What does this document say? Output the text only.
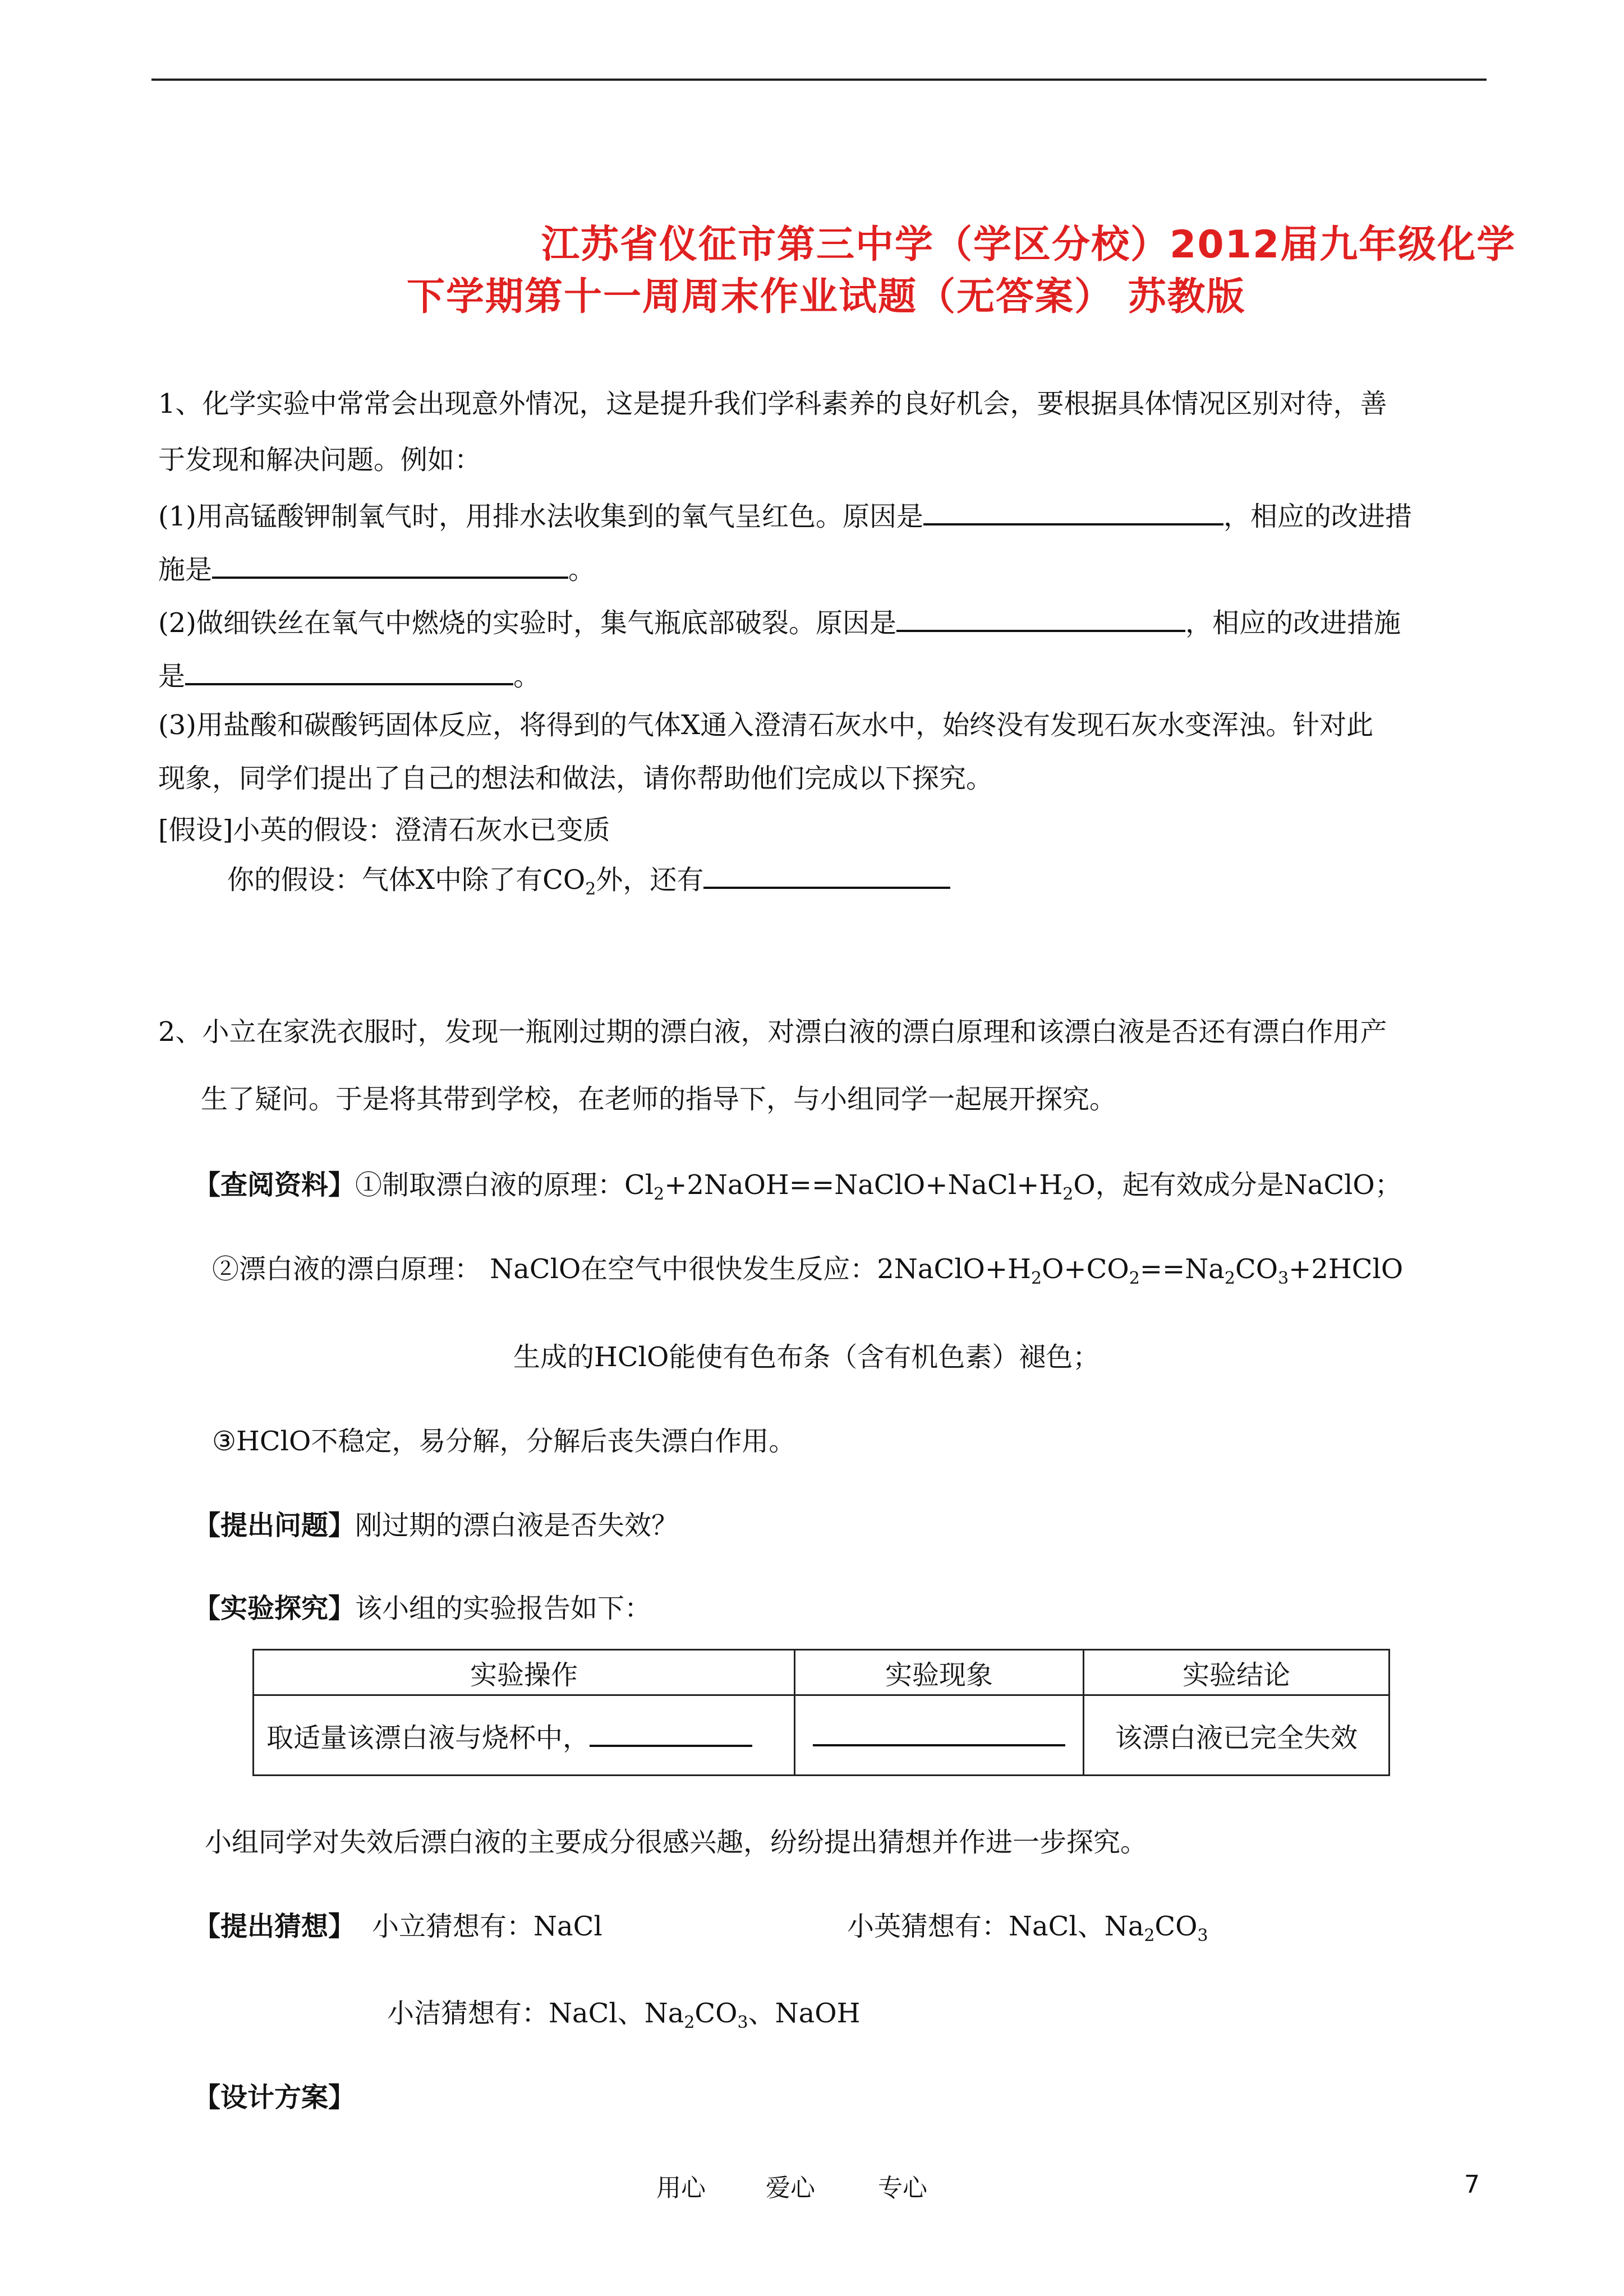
江苏省仪征市第三中学（学区分校）2012届九年级化学
下学期第十一周周末作业试题（无答案） 苏教版
1、化学实验中常常会出现意外情况，这是提升我们学科素养的良好机会，要根据具体情况区别对待，善
于发现和解决问题。例如：
(1)用高锰酸钾制氧气时，用排水法收集到的氧气呈红色。原因是	，相应的改进措
施是	。
(2)做细铁丝在氧气中燃烧的实验时，集气瓶底部破裂。原因是	，相应的改进措施
是	。
(3)用盐酸和碳酸钙固体反应，将得到的气体X通入澄清石灰水中，始终没有发现石灰水变浑浊。针对此
现象，同学们提出了自己的想法和做法，请你帮助他们完成以下探究。
[假设]小英的假设：澄清石灰水已变质
你的假设：气体X中除了有$CO_2$外，还有
2、小立在家洗衣服时，发现一瓶刚过期的漂白液，对漂白液的漂白原理和该漂白液是否还有漂白作用产
生了疑问。于是将其带到学校，在老师的指导下，与小组同学一起展开探究。
【查阅资料】①制取漂白液的原理：$Cl_2+2NaOH==NaClO+NaCl+H_2O$，起有效成分是NaClO；
②漂白液的漂白原理： NaClO在空气中很快发生反应：$2NaClO+H_2O+CO_2==Na_2CO_3+2HClO$
生成的HClO能使有色布条（含有机色素）褪色；
③HClO不稳定，易分解，分解后丧失漂白作用。
【提出问题】刚过期的漂白液是否失效？
【实验探究】该小组的实验报告如下：
实验操作	实验现象	实验结论
取适量该漂白液与烧杯中，		该漂白液已完全失效
小组同学对失效后漂白液的主要成分很感兴趣，纷纷提出猜想并作进一步探究。
【提出猜想】 小立猜想有：NaCl	小英猜想有：NaCl、$Na_2CO_3$
小洁猜想有：NaCl、$Na_2CO_3$、NaOH
【设计方案】
用心 爱心	专心	7
